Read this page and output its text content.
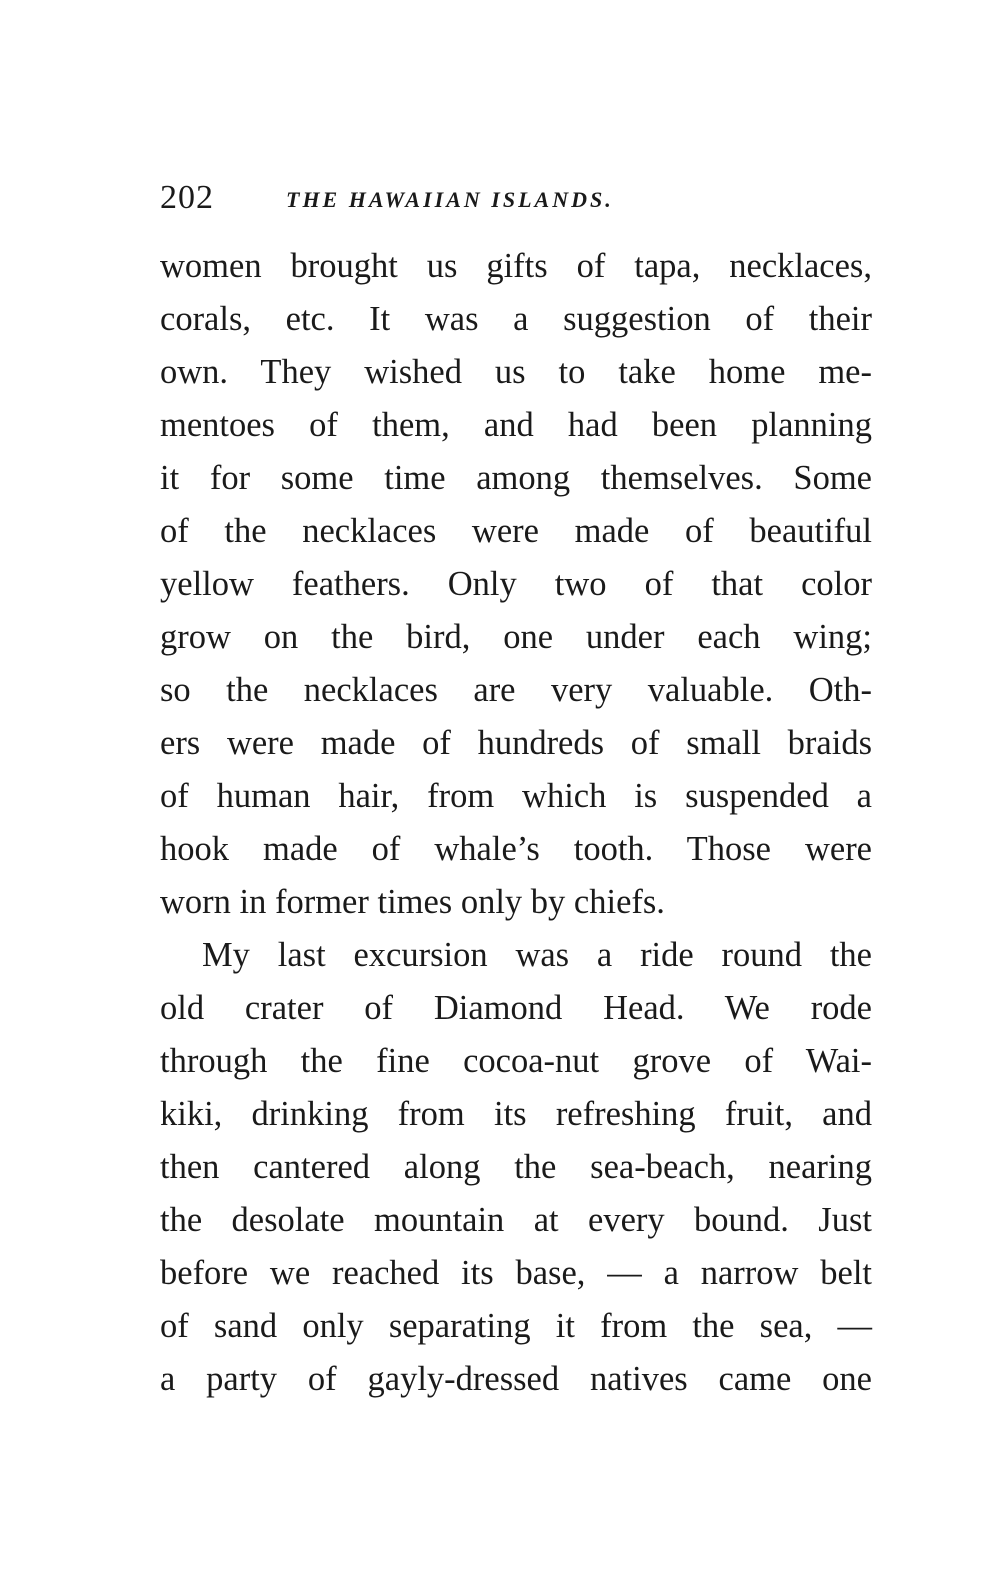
202	THE HAWAIIAN ISLANDS.
women brought us gifts of tapa, necklaces,
corals, etc. It was a suggestion of their
own. They wished us to take home me-
mentoes of them, and had been planning
it for some time among themselves. Some
of the necklaces were made of beautiful
yellow feathers. Only two of that color
grow on the bird, one under each wing;
so the necklaces are very valuable. Oth-
ers were made of hundreds of small braids
of human hair, from which is suspended a
hook made of whale’s tooth. Those were
worn in former times only by chiefs.
My last excursion was a ride round the
old crater of Diamond Head. We rode
through the fine cocoa-nut grove of Wai-
kiki, drinking from its refreshing fruit, and
then cantered along the sea-beach, nearing
the desolate mountain at every bound. Just
before we reached its base, — a narrow belt
of sand only separating it from the sea, —
a party of gayly-dressed natives came one
